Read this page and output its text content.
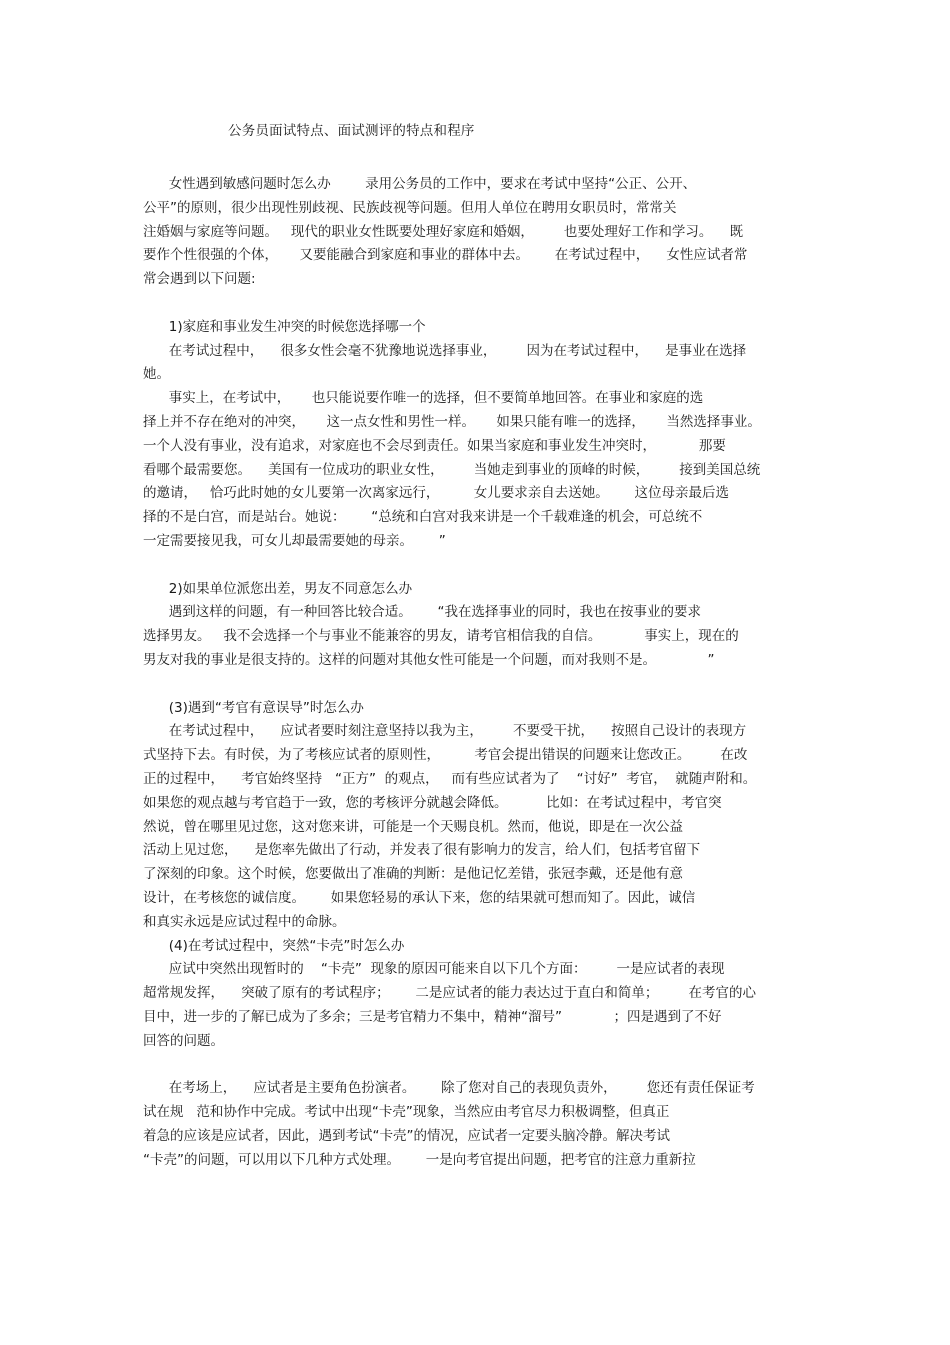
公务员面试特点、面试测评的特点和程序
女性遇到敏感问题时怎么办        录用公务员的工作中，要求在考试中坚持“公正、公开、
公平”的原则，很少出现性别歧视、民族歧视等问题。但用人单位在聘用女职员时，常常关
注婚姻与家庭等问题。   现代的职业女性既要处理好家庭和婚姻，       也要处理好工作和学习。    既
要作个性很强的个体，     又要能融合到家庭和事业的群体中去。      在考试过程中，    女性应试者常
常会遇到以下问题:
1)家庭和事业发生冲突的时候您选择哪一个
在考试过程中，    很多女性会毫不犹豫地说选择事业，       因为在考试过程中，    是事业在选择
她。
事实上，在考试中，     也只能说要作唯一的选择，但不要简单地回答。在事业和家庭的选
择上并不存在绝对的冲突，     这一点女性和男性一样。     如果只能有唯一的选择，     当然选择事业。
一个人没有事业，没有追求，对家庭也不会尽到责任。如果当家庭和事业发生冲突时，          那要
看哪个最需要您。    美国有一位成功的职业女性，       当她走到事业的顶峰的时候，       接到美国总统
的邀请，   恰巧此时她的女儿要第一次离家远行，        女儿要求亲自去送她。      这位母亲最后选
择的不是白宫，而是站台。她说：      “总统和白宫对我来讲是一个千载难逢的机会，可总统不
一定需要接见我，可女儿却最需要她的母亲。      ”
2)如果单位派您出差，男友不同意怎么办
遇到这样的问题，有一种回答比较合适。      “我在选择事业的同时，我也在按事业的要求
选择男友。   我不会选择一个与事业不能兼容的男友，请考官相信我的自信。          事实上，现在的
男友对我的事业是很支持的。这样的问题对其他女性可能是一个问题，而对我则不是。            ”
(3)遇到“考官有意误导”时怎么办
在考试过程中，    应试者要时刻注意坚持以我为主，       不要受干扰，    按照自己设计的表现方
式坚持下去。有时侯，为了考核应试者的原则性，        考官会提出错误的问题来让您改正。       在改
正的过程中，    考官始终坚持   “正方”  的观点，   而有些应试者为了    “讨好”  考官，  就随声附和。
如果您的观点越与考官趋于一致，您的考核评分就越会降低。         比如：在考试过程中，考官突
然说，曾在哪里见过您，这对您来讲，可能是一个天赐良机。然而，他说，即是在一次公益
活动上见过您，    是您率先做出了行动，并发表了很有影响力的发言，给人们，包括考官留下
了深刻的印象。这个时候，您要做出了准确的判断：是他记忆差错，张冠李戴，还是他有意
设计，在考核您的诚信度。      如果您轻易的承认下来，您的结果就可想而知了。因此，诚信
和真实永远是应试过程中的命脉。
(4)在考试过程中，突然“卡壳”时怎么办
应试中突然出现暂时的    “卡壳”  现象的原因可能来自以下几个方面：       一是应试者的表现
超常规发挥，    突破了原有的考试程序；      二是应试者的能力表达过于直白和简单；       在考官的心
目中，进一步的了解已成为了多余；三是考官精力不集中，精神“溜号”            ；四是遇到了不好
回答的问题。
在考场上，    应试者是主要角色扮演者。      除了您对自己的表现负责外，       您还有责任保证考
试在规   范和协作中完成。考试中出现“卡壳”现象，当然应由考官尽力积极调整，但真正
着急的应该是应试者，因此，遇到考试“卡壳”的情况，应试者一定要头脑冷静。解决考试
“卡壳”的问题，可以用以下几种方式处理。      一是向考官提出问题，把考官的注意力重新拉
